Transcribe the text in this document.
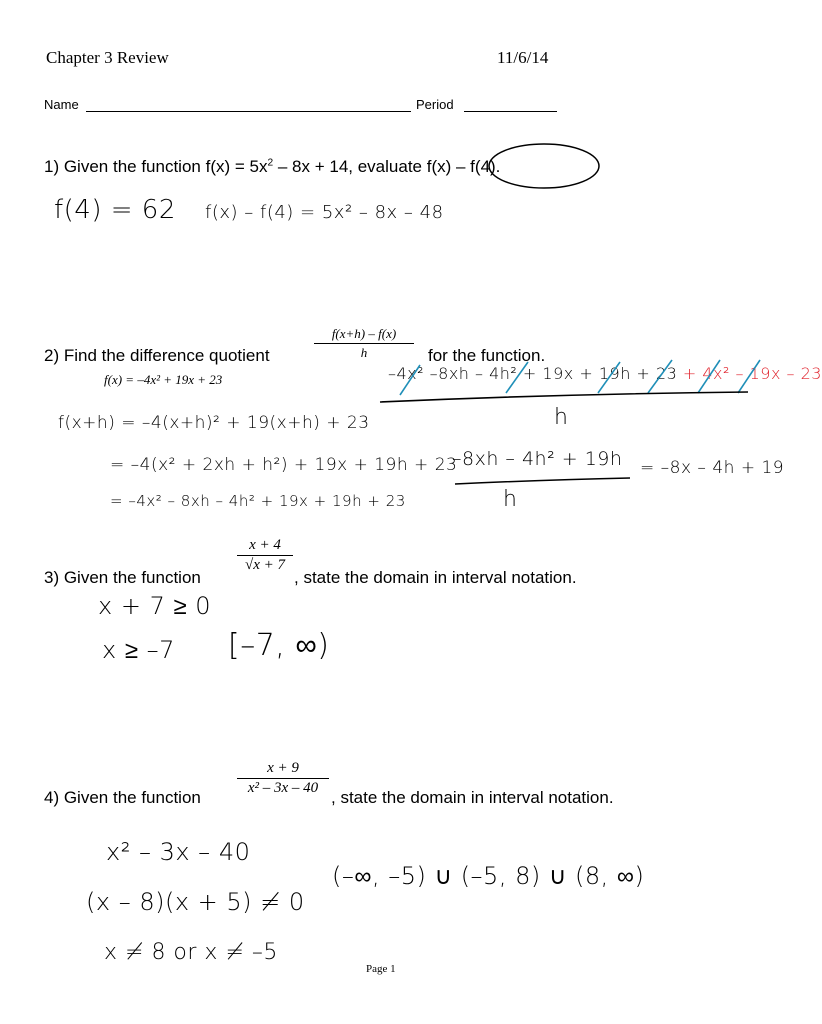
Chapter 3 Review	11/6/14
Name	Period
1) Given the function $f(x) = 5x^2 - 8x + 14$, evaluate f(x) – f(4).
f(4) = 62 f(x) – f(4) = 5x² – 8x – 48
2) Find the difference quotient	$\frac{f(x+h) - f(x)}{h}$ for the function.
f(x) = –4x² + 19x + 23	–4x² –8xh – 4h² + 19x + 19h + 23 + 4x² – 19x – 23
h
–8xh – 4h² + 19h
h
= –8x – 4h + 19
f(x+h) = –4(x+h)² + 19(x+h) + 23
= –4(x² + 2xh + h²) + 19x + 19h + 23
= –4x² – 8xh – 4h² + 19x + 19h + 23
3) Given the function
$\frac{x + 4}{√x + 7}$
, state the domain in interval notation.
x + 7 ≥ 0
x ≥ –7 [–7, ∞)
4) Given the function
$\frac{x + 9}{\text{x² – 3x – 40}}$
, state the domain in interval notation.
x² – 3x – 40
(x – 8)(x + 5) ≠ 0
x ≠ 8 or x ≠ –5
(–∞, –5) ∪ (–5, 8) ∪ (8, ∞)
Page 1
